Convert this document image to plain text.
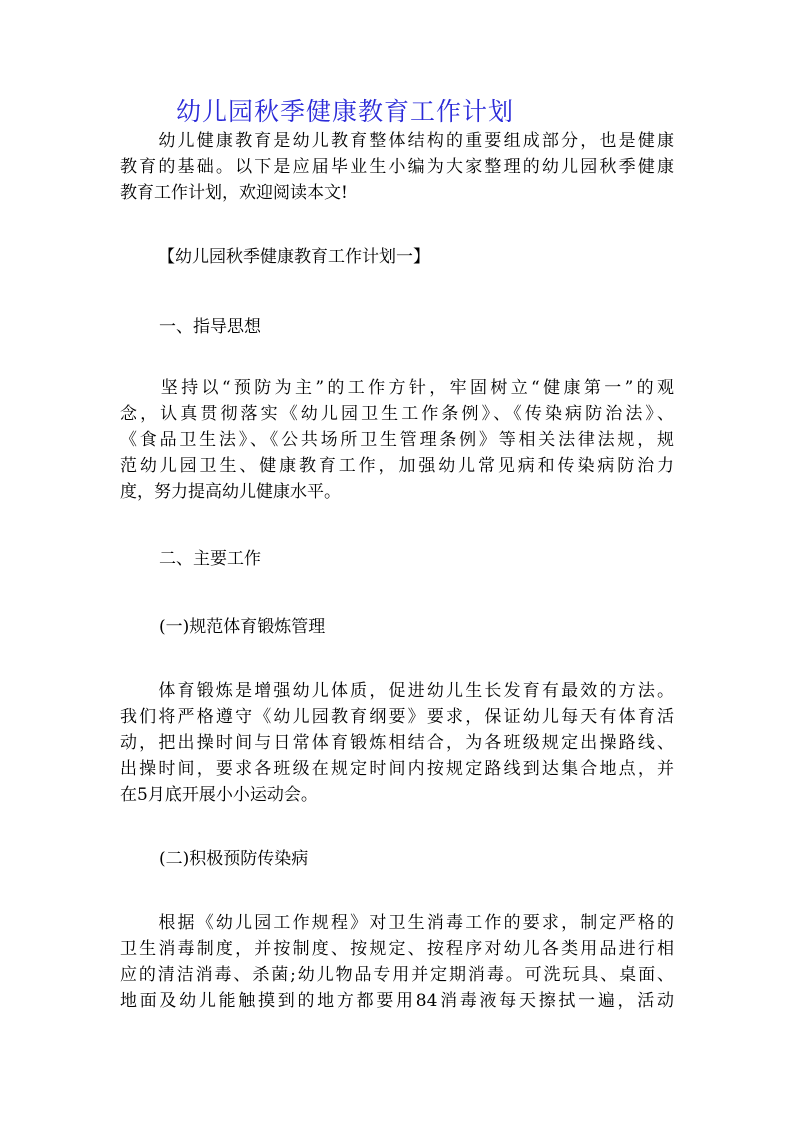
幼儿园秋季健康教育工作计划

　　幼儿健康教育是幼儿教育整体结构的重要组成部分，也是健康
教育的基础。以下是应届毕业生小编为大家整理的幼儿园秋季健康
教育工作计划，欢迎阅读本文!

【幼儿园秋季健康教育工作计划一】
一、指导思想

　　坚持以“预防为主”的工作方针，牢固树立“健康第一”的观
念，认真贯彻落实《幼儿园卫生工作条例》、《传染病防治法》、
《食品卫生法》、《公共场所卫生管理条例》等相关法律法规，规
范幼儿园卫生、健康教育工作，加强幼儿常见病和传染病防治力
度，努力提高幼儿健康水平。

二、主要工作
(一)规范体育锻炼管理

　　体育锻炼是增强幼儿体质，促进幼儿生长发育有最效的方法。
我们将严格遵守《幼儿园教育纲要》要求，保证幼儿每天有体育活
动，把出操时间与日常体育锻炼相结合，为各班级规定出操路线、
出操时间，要求各班级在规定时间内按规定路线到达集合地点，并
在5月底开展小小运动会。

(二)积极预防传染病

　　根据《幼儿园工作规程》对卫生消毒工作的要求，制定严格的
卫生消毒制度，并按制度、按规定、按程序对幼儿各类用品进行相
应的清洁消毒、杀菌;幼儿物品专用并定期消毒。可洗玩具、桌面、
地面及幼儿能触摸到的地方都要用84消毒液每天擦拭一遍，活动
